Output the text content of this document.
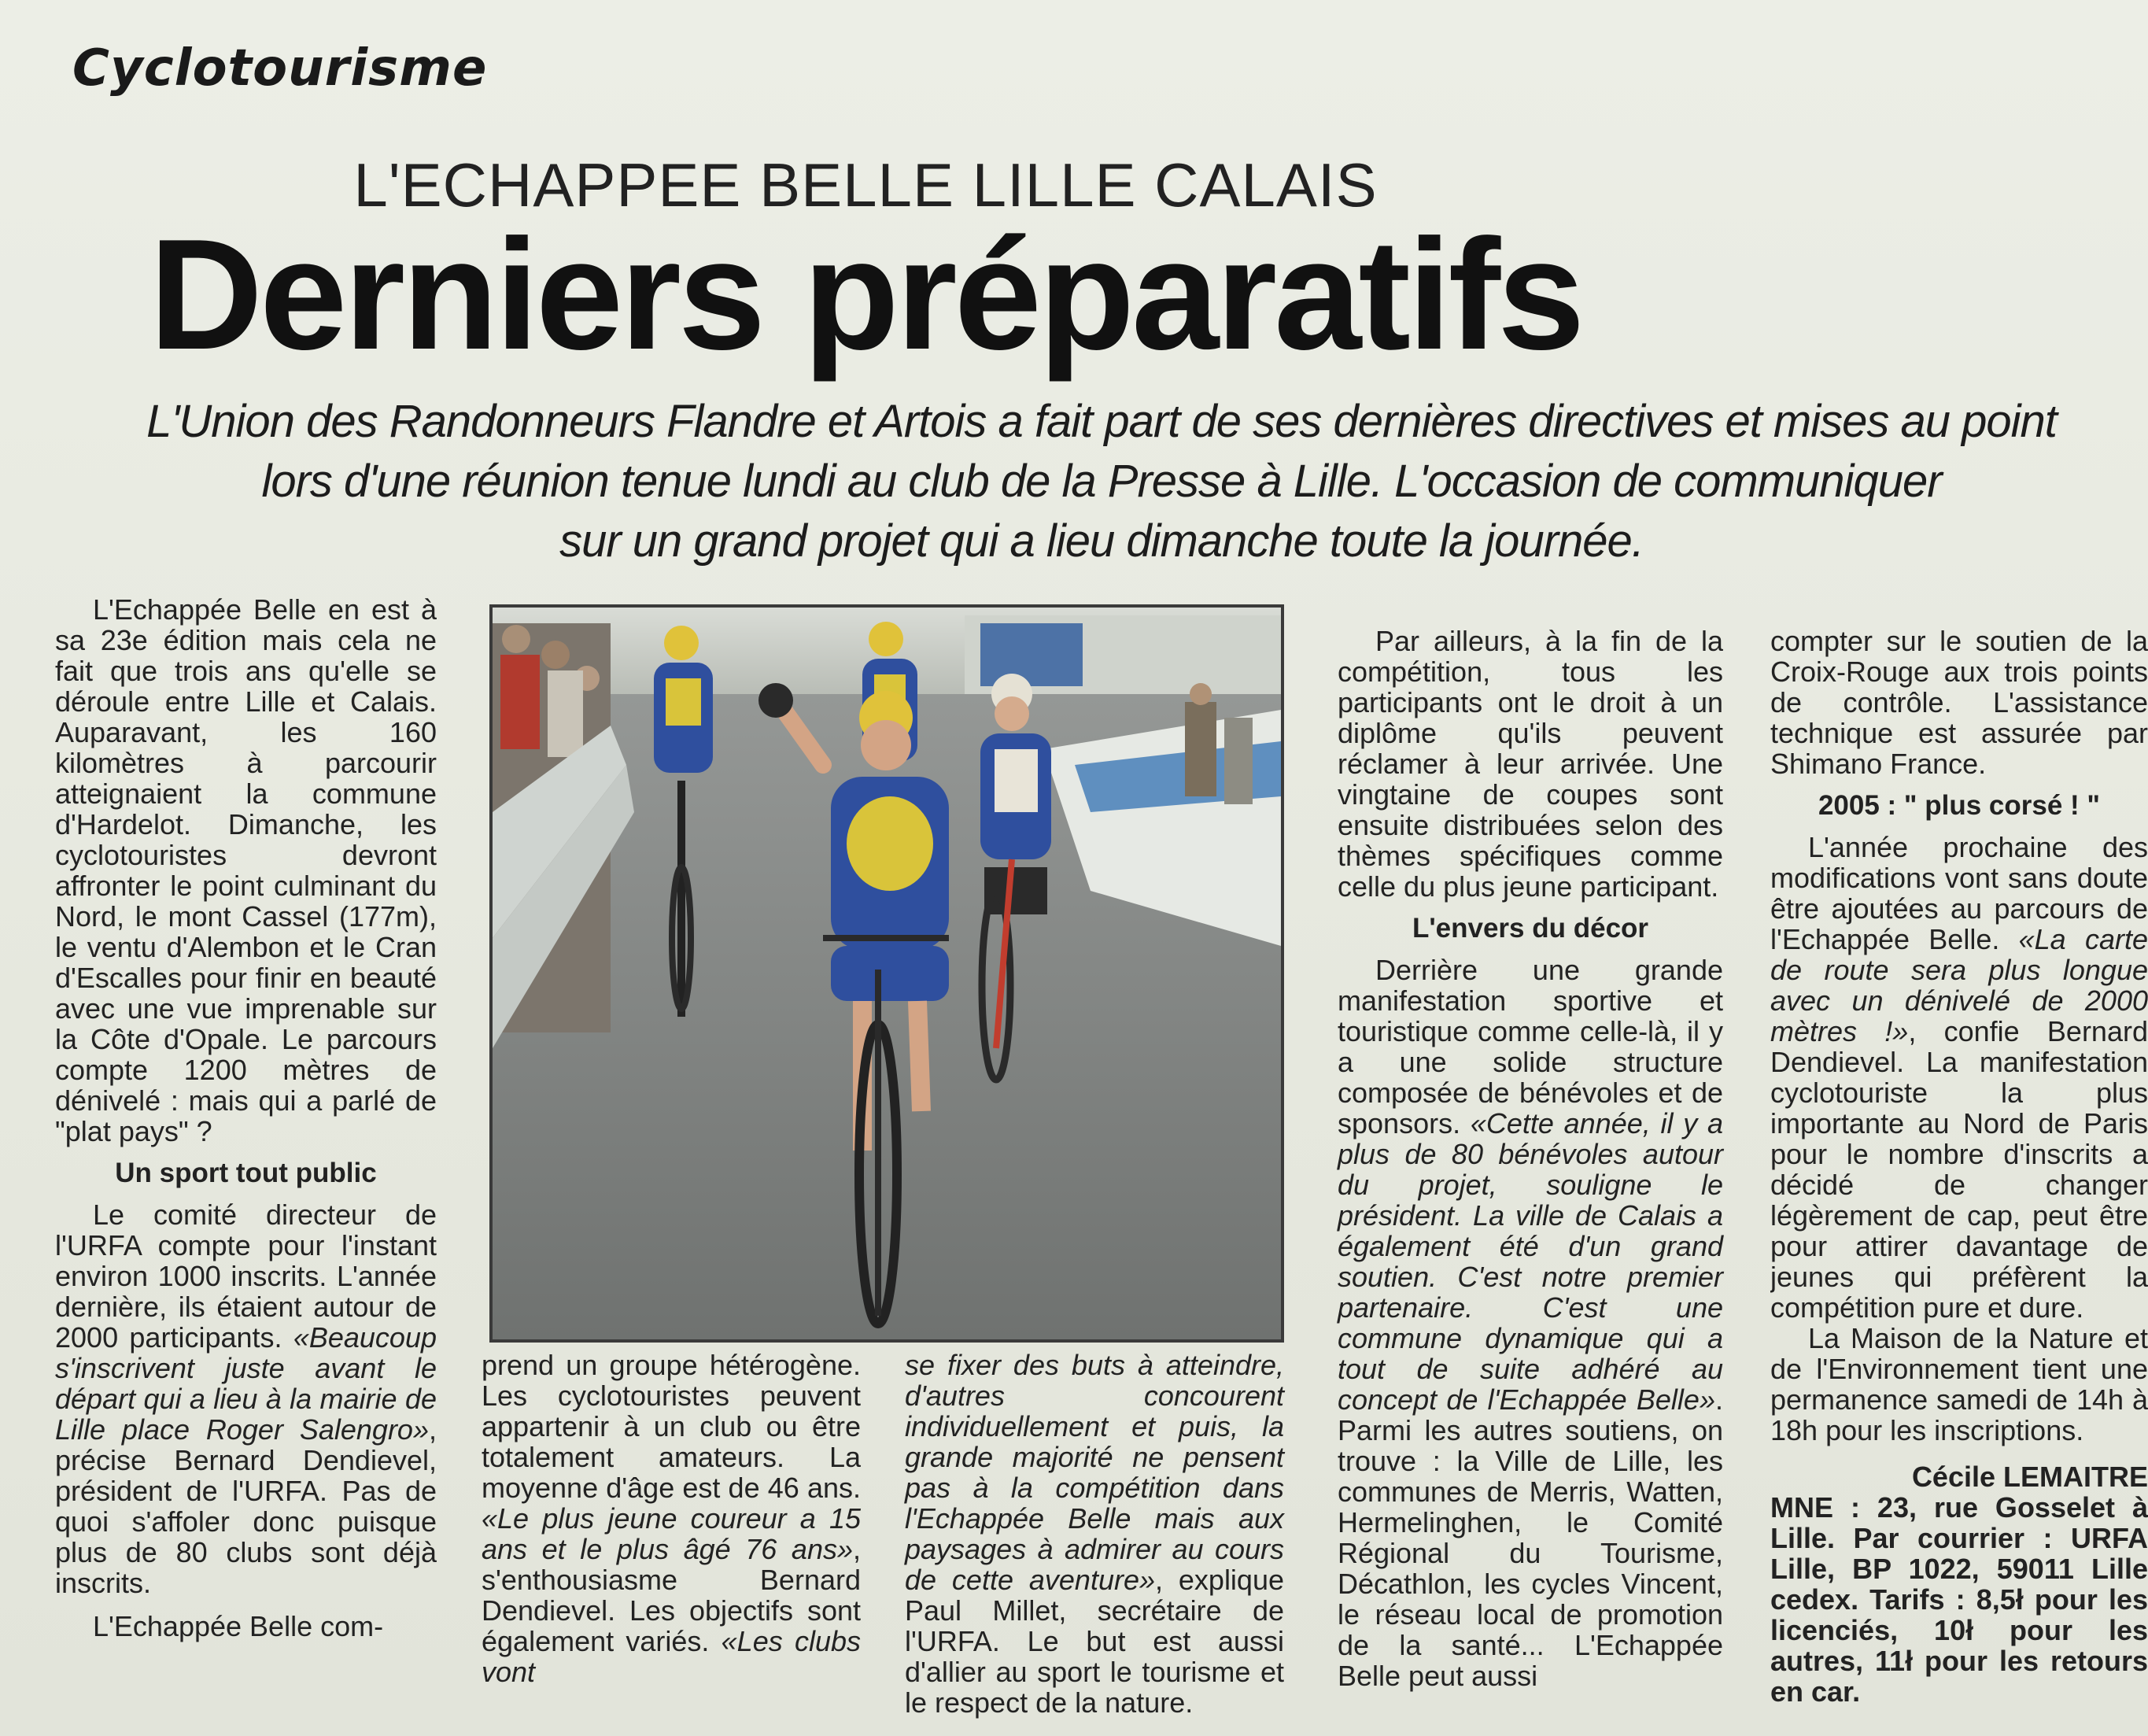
Cyclotourisme
L'ECHAPPEE BELLE LILLE CALAIS
Derniers préparatifs
L'Union des Randonneurs Flandre et Artois a fait part de ses dernières directives et mises au point
lors d'une réunion tenue lundi au club de la Presse à Lille. L'occasion de communiquer
sur un grand projet qui a lieu dimanche toute la journée.

L'Echappée Belle en est à sa 23e édition mais cela ne fait que trois ans qu'elle se déroule entre Lille et Calais. Auparavant, les 160 kilomètres à parcourir atteignaient la commune d'Hardelot. Dimanche, les cyclotouristes devront affronter le point culminant du Nord, le mont Cassel (177m), le ventu d'Alembon et le Cran d'Escalles pour finir en beauté avec une vue imprenable sur la Côte d'Opale. Le parcours compte 1200 mètres de dénivelé : mais qui a parlé de "plat pays" ?

Un sport tout public

Le comité directeur de l'URFA compte pour l'instant environ 1000 inscrits. L'année dernière, ils étaient autour de 2000 participants. «Beaucoup s'inscrivent juste avant le départ qui a lieu à la mairie de Lille place Roger Salengro», précise Bernard Dendievel, président de l'URFA. Pas de quoi s'affoler donc puisque plus de 80 clubs sont déjà inscrits.

L'Echappée Belle com-

prend un groupe hétérogène. Les cyclotouristes peuvent appartenir à un club ou être totalement amateurs. La moyenne d'âge est de 46 ans. «Le plus jeune coureur a 15 ans et le plus âgé 76 ans», s'enthousiasme Bernard Dendievel. Les objectifs sont également variés. «Les clubs vont

se fixer des buts à atteindre, d'autres concourent individuellement et puis, la grande majorité ne pensent pas à la compétition dans l'Echappée Belle mais aux paysages à admirer au cours de cette aventure», explique Paul Millet, secrétaire de l'URFA. Le but est aussi d'allier au sport le tourisme et le respect de la nature.

Par ailleurs, à la fin de la compétition, tous les participants ont le droit à un diplôme qu'ils peuvent réclamer à leur arrivée. Une vingtaine de coupes sont ensuite distribuées selon des thèmes spécifiques comme celle du plus jeune participant.

L'envers du décor

Derrière une grande manifestation sportive et touristique comme celle-là, il y a une solide structure composée de bénévoles et de sponsors. «Cette année, il y a plus de 80 bénévoles autour du projet, souligne le président. La ville de Calais a également été d'un grand soutien. C'est notre premier partenaire. C'est une commune dynamique qui a tout de suite adhéré au concept de l'Echappée Belle». Parmi les autres soutiens, on trouve : la Ville de Lille, les communes de Merris, Watten, Hermelinghen, le Comité Régional du Tourisme, Décathlon, les cycles Vincent, le réseau local de promotion de la santé... L'Echappée Belle peut aussi

compter sur le soutien de la Croix-Rouge aux trois points de contrôle. L'assistance technique est assurée par Shimano France.

2005 : " plus corsé ! "

L'année prochaine des modifications vont sans doute être ajoutées au parcours de l'Echappée Belle. «La carte de route sera plus longue avec un dénivelé de 2000 mètres !», confie Bernard Dendievel. La manifestation cyclotouriste la plus importante au Nord de Paris pour le nombre d'inscrits a décidé de changer légèrement de cap, peut être pour attirer davantage de jeunes qui préfèrent la compétition pure et dure.

La Maison de la Nature et de l'Environnement tient une permanence samedi de 14h à 18h pour les inscriptions.

Cécile LEMAITRE

MNE : 23, rue Gosselet à Lille. Par courrier : URFA Lille, BP 1022, 59011 Lille cedex. Tarifs : 8,5ł pour les licenciés, 10ł pour les autres, 11ł pour les retours en car.
